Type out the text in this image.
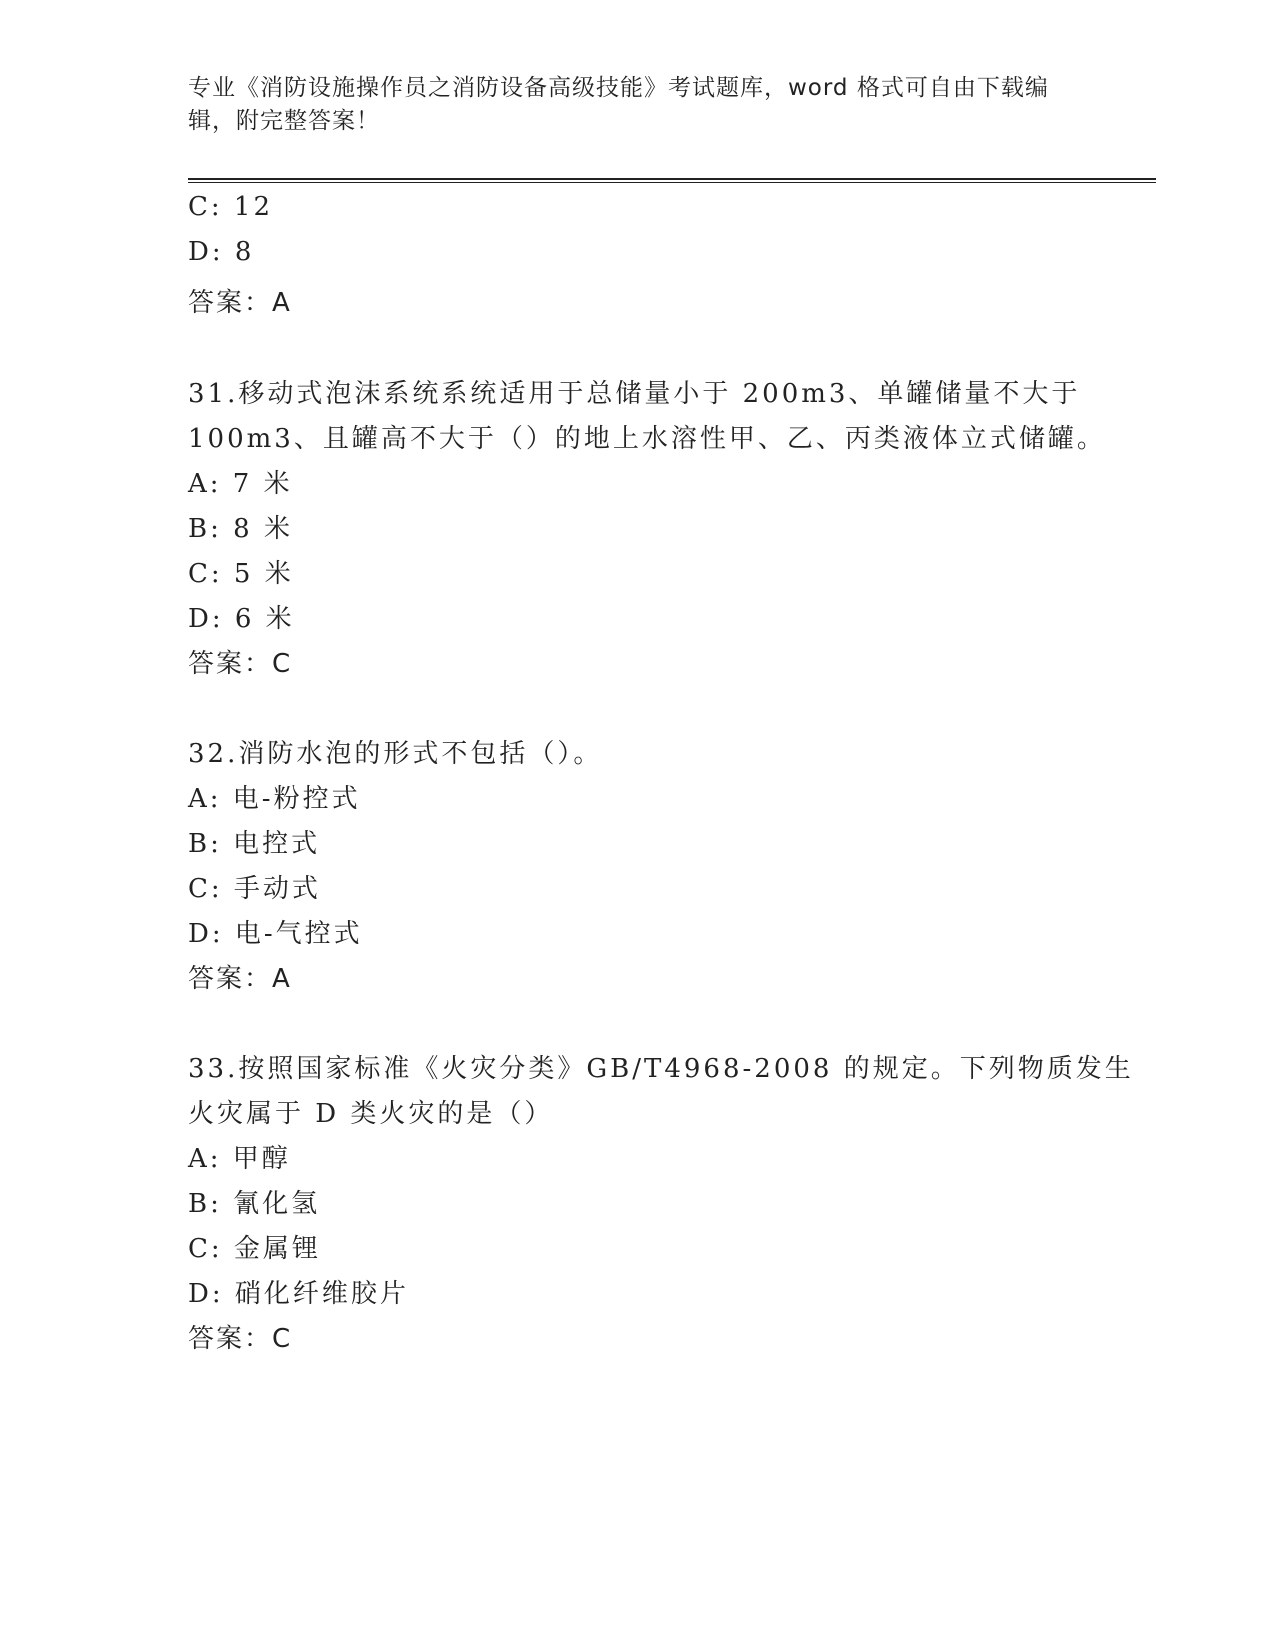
专业《消防设施操作员之消防设备高级技能》考试题库，word 格式可自由下载编辑，附完整答案！
C: 12
D: 8
答案：A
31.移动式泡沫系统系统适用于总储量小于 200m3、单罐储量不大于
100m3、且罐高不大于（）的地上水溶性甲、乙、丙类液体立式储罐。
A: 7 米
B: 8 米
C: 5 米
D: 6 米
答案：C
32.消防水泡的形式不包括（）。
A: 电-粉控式
B: 电控式
C: 手动式
D: 电-气控式
答案：A
33.按照国家标准《火灾分类》GB/T4968-2008 的规定。下列物质发生
火灾属于 D 类火灾的是（）
A: 甲醇
B: 氰化氢
C: 金属锂
D: 硝化纤维胶片
答案：C
